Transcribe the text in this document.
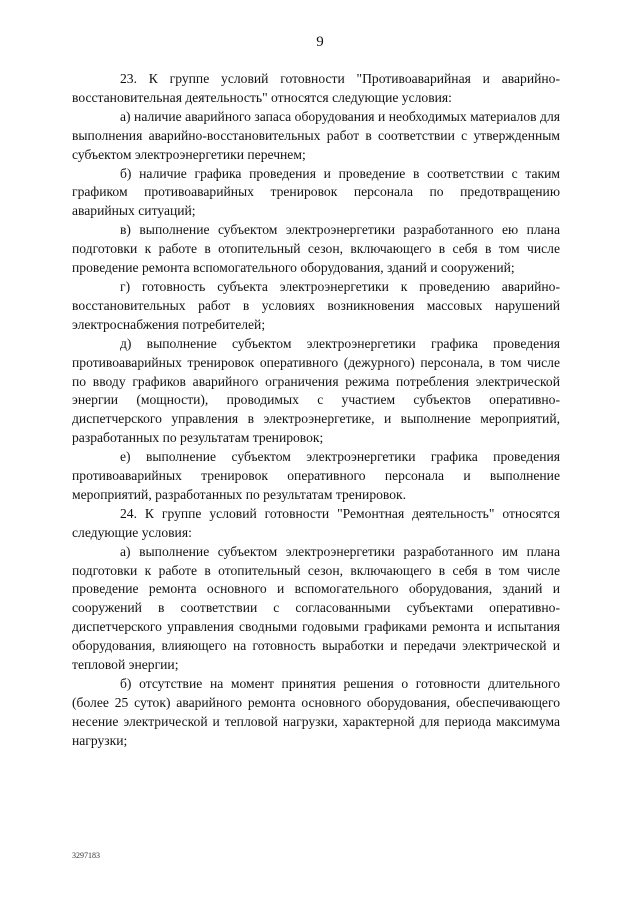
9

23. К группе условий готовности "Противоаварийная и аварийно-восстановительная деятельность" относятся следующие условия:

а) наличие аварийного запаса оборудования и необходимых материалов для выполнения аварийно-восстановительных работ в соответствии с утвержденным субъектом электроэнергетики перечнем;

б) наличие графика проведения и проведение в соответствии с таким графиком противоаварийных тренировок персонала по предотвращению аварийных ситуаций;

в) выполнение субъектом электроэнергетики разработанного ею плана подготовки к работе в отопительный сезон, включающего в себя в том числе проведение ремонта вспомогательного оборудования, зданий и сооружений;

г) готовность субъекта электроэнергетики к проведению аварийно-восстановительных работ в условиях возникновения массовых нарушений электроснабжения потребителей;

д) выполнение субъектом электроэнергетики графика проведения противоаварийных тренировок оперативного (дежурного) персонала, в том числе по вводу графиков аварийного ограничения режима потребления электрической энергии (мощности), проводимых с участием субъектов оперативно-диспетчерского управления в электроэнергетике, и выполнение мероприятий, разработанных по результатам тренировок;

е) выполнение субъектом электроэнергетики графика проведения противоаварийных тренировок оперативного персонала и выполнение мероприятий, разработанных по результатам тренировок.

24. К группе условий готовности "Ремонтная деятельность" относятся следующие условия:

а) выполнение субъектом электроэнергетики разработанного им плана подготовки к работе в отопительный сезон, включающего в себя в том числе проведение ремонта основного и вспомогательного оборудования, зданий и сооружений в соответствии с согласованными субъектами оперативно-диспетчерского управления сводными годовыми графиками ремонта и испытания оборудования, влияющего на готовность выработки и передачи электрической и тепловой энергии;

б) отсутствие на момент принятия решения о готовности длительного (более 25 суток) аварийного ремонта основного оборудования, обеспечивающего несение электрической и тепловой нагрузки, характерной для периода максимума нагрузки;

3297183
